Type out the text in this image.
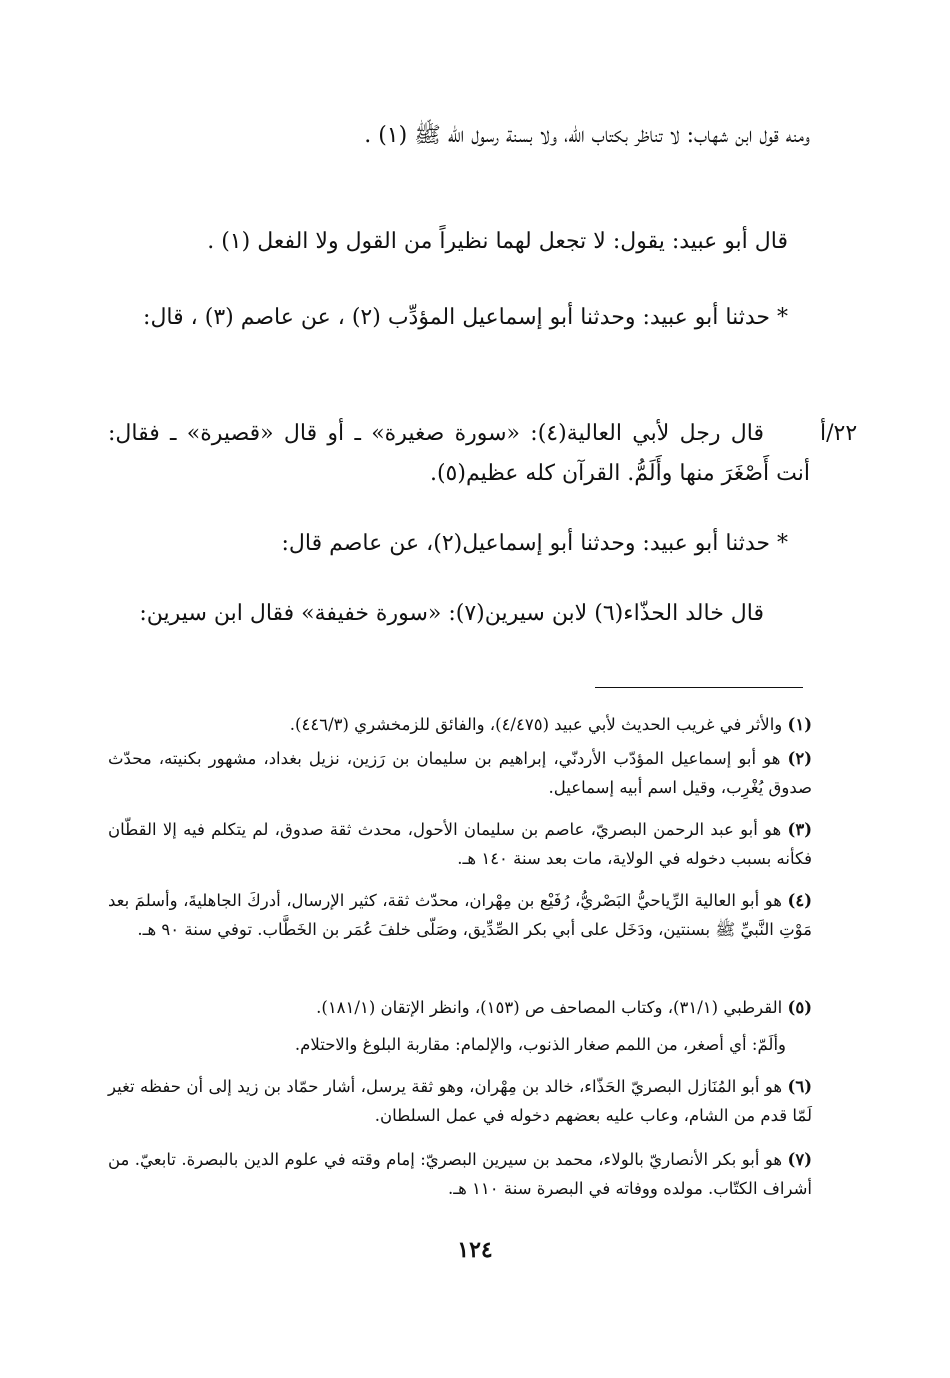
ومنه قول ابن شهاب: لا تناظر بكتاب الله، ولا بسنة رسول الله ﷺ (١) .
قال أبو عبيد: يقول: لا تجعل لهما نظيراً من القول ولا الفعل (١) .
* حدثنا أبو عبيد: وحدثنا أبو إسماعيل المؤدِّب (٢) ، عن عاصم (٣) ، قال:
٢٢/أ
قال رجل لأبي العالية(٤): «سورة صغيرة» ـ أو قال «قصيرة» ـ فقال: أنت أَصْغَرَ منها وأَلَمُّ. القرآن كله عظيم(٥).
* حدثنا أبو عبيد: وحدثنا أبو إسماعيل(٢)، عن عاصم قال:
قال خالد الحذّاء(٦) لابن سيرين(٧): «سورة خفيفة» فقال ابن سيرين:
(١) والأثر في غريب الحديث لأبي عبيد (٤/٤٧٥)، والفائق للزمخشري (٤٤٦/٣).
(٢) هو أبو إسماعيل المؤدّب الأردنّي، إبراهيم بن سليمان بن رَزين، نزيل بغداد، مشهور بكنيته، محدّث صدوق يُغْرِب، وقيل اسم أبيه إسماعيل.
(٣) هو أبو عبد الرحمن البصريّ، عاصم بن سليمان الأحول، محدث ثقة صدوق، لم يتكلم فيه إلا القطّان فكأنه بسبب دخوله في الولاية، مات بعد سنة ١٤٠ هـ.
(٤) هو أبو العالية الرِّياحيُّ البَصْريُّ، رُفَيْع بن مِهْران، محدّث ثقة، كثير الإرسال، أدركَ الجاهليةَ، وأسلمَ بعد مَوْتِ النَّبيِّ ﷺ بسنتين، ودَخَل على أبي بكر الصِّدِّيق، وصَلّى خلفَ عُمَر بن الخَطَّاب. توفي سنة ٩٠ هـ.
(٥) القرطبي (٣١/١)، وكتاب المصاحف ص (١٥٣)، وانظر الإتقان (١٨١/١).
وألَمّ: أي أصغر، من اللمم صغار الذنوب، والإلمام: مقاربة البلوغ والاحتلام.
(٦) هو أبو المُنَازل البصريّ الحَذّاء، خالد بن مِهْران، وهو ثقة يرسل، أشار حمّاد بن زيد إلى أن حفظه تغير لَمّا قدم من الشام، وعاب عليه بعضهم دخوله في عمل السلطان.
(٧) هو أبو بكر الأنصاريّ بالولاء، محمد بن سيرين البصريّ: إمام وقته في علوم الدين بالبصرة. تابعيّ. من أشراف الكتّاب. مولده ووفاته في البصرة سنة ١١٠ هـ.
١٢٤
